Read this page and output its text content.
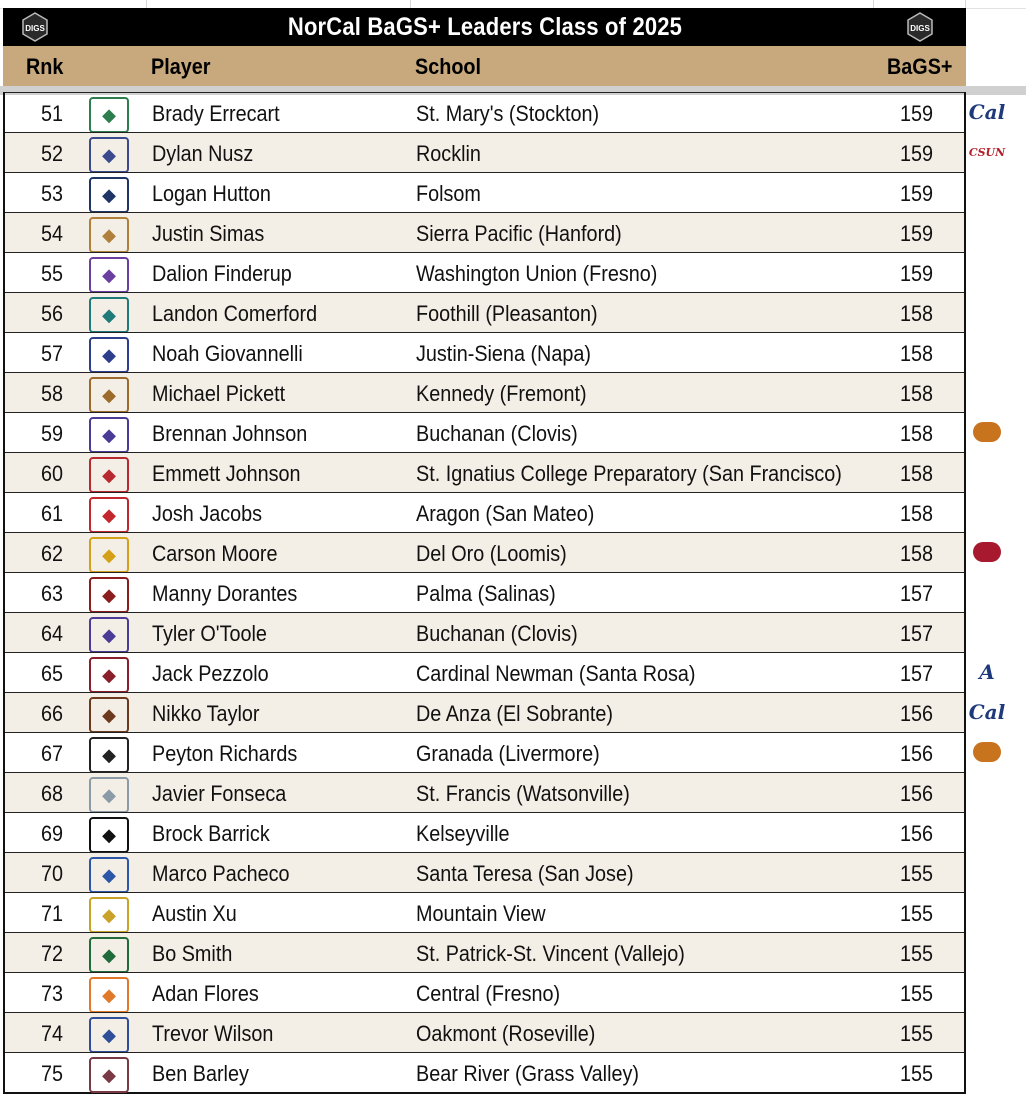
DIGS	NorCal BaGS+ Leaders Class of 2025	DIGS
Rnk	Player	School	BaGS+
51	◆	Brady Errecart	St. Mary's (Stockton)	159
52	◆	Dylan Nusz	Rocklin	159
53	◆	Logan Hutton	Folsom	159
54	◆	Justin Simas	Sierra Pacific (Hanford)	159
55	◆	Dalion Finderup	Washington Union (Fresno)	159
56	◆	Landon Comerford	Foothill (Pleasanton)	158
57	◆	Noah Giovannelli	Justin-Siena (Napa)	158
58	◆	Michael Pickett	Kennedy (Fremont)	158
59	◆	Brennan Johnson	Buchanan (Clovis)	158
60	◆	Emmett Johnson	St. Ignatius College Preparatory (San Francisco)	158
61	◆	Josh Jacobs	Aragon (San Mateo)	158
62	◆	Carson Moore	Del Oro (Loomis)	158
63	◆	Manny Dorantes	Palma (Salinas)	157
64	◆	Tyler O'Toole	Buchanan (Clovis)	157
65	◆	Jack Pezzolo	Cardinal Newman (Santa Rosa)	157
66	◆	Nikko Taylor	De Anza (El Sobrante)	156
67	◆	Peyton Richards	Granada (Livermore)	156
68	◆	Javier Fonseca	St. Francis (Watsonville)	156
69	◆	Brock Barrick	Kelseyville	156
70	◆	Marco Pacheco	Santa Teresa (San Jose)	155
71	◆	Austin Xu	Mountain View	155
72	◆	Bo Smith	St. Patrick-St. Vincent (Vallejo)	155
73	◆	Adan Flores	Central (Fresno)	155
74	◆	Trevor Wilson	Oakmont (Roseville)	155
75	◆	Ben Barley	Bear River (Grass Valley)	155
Cal
CSUN
A
Cal
